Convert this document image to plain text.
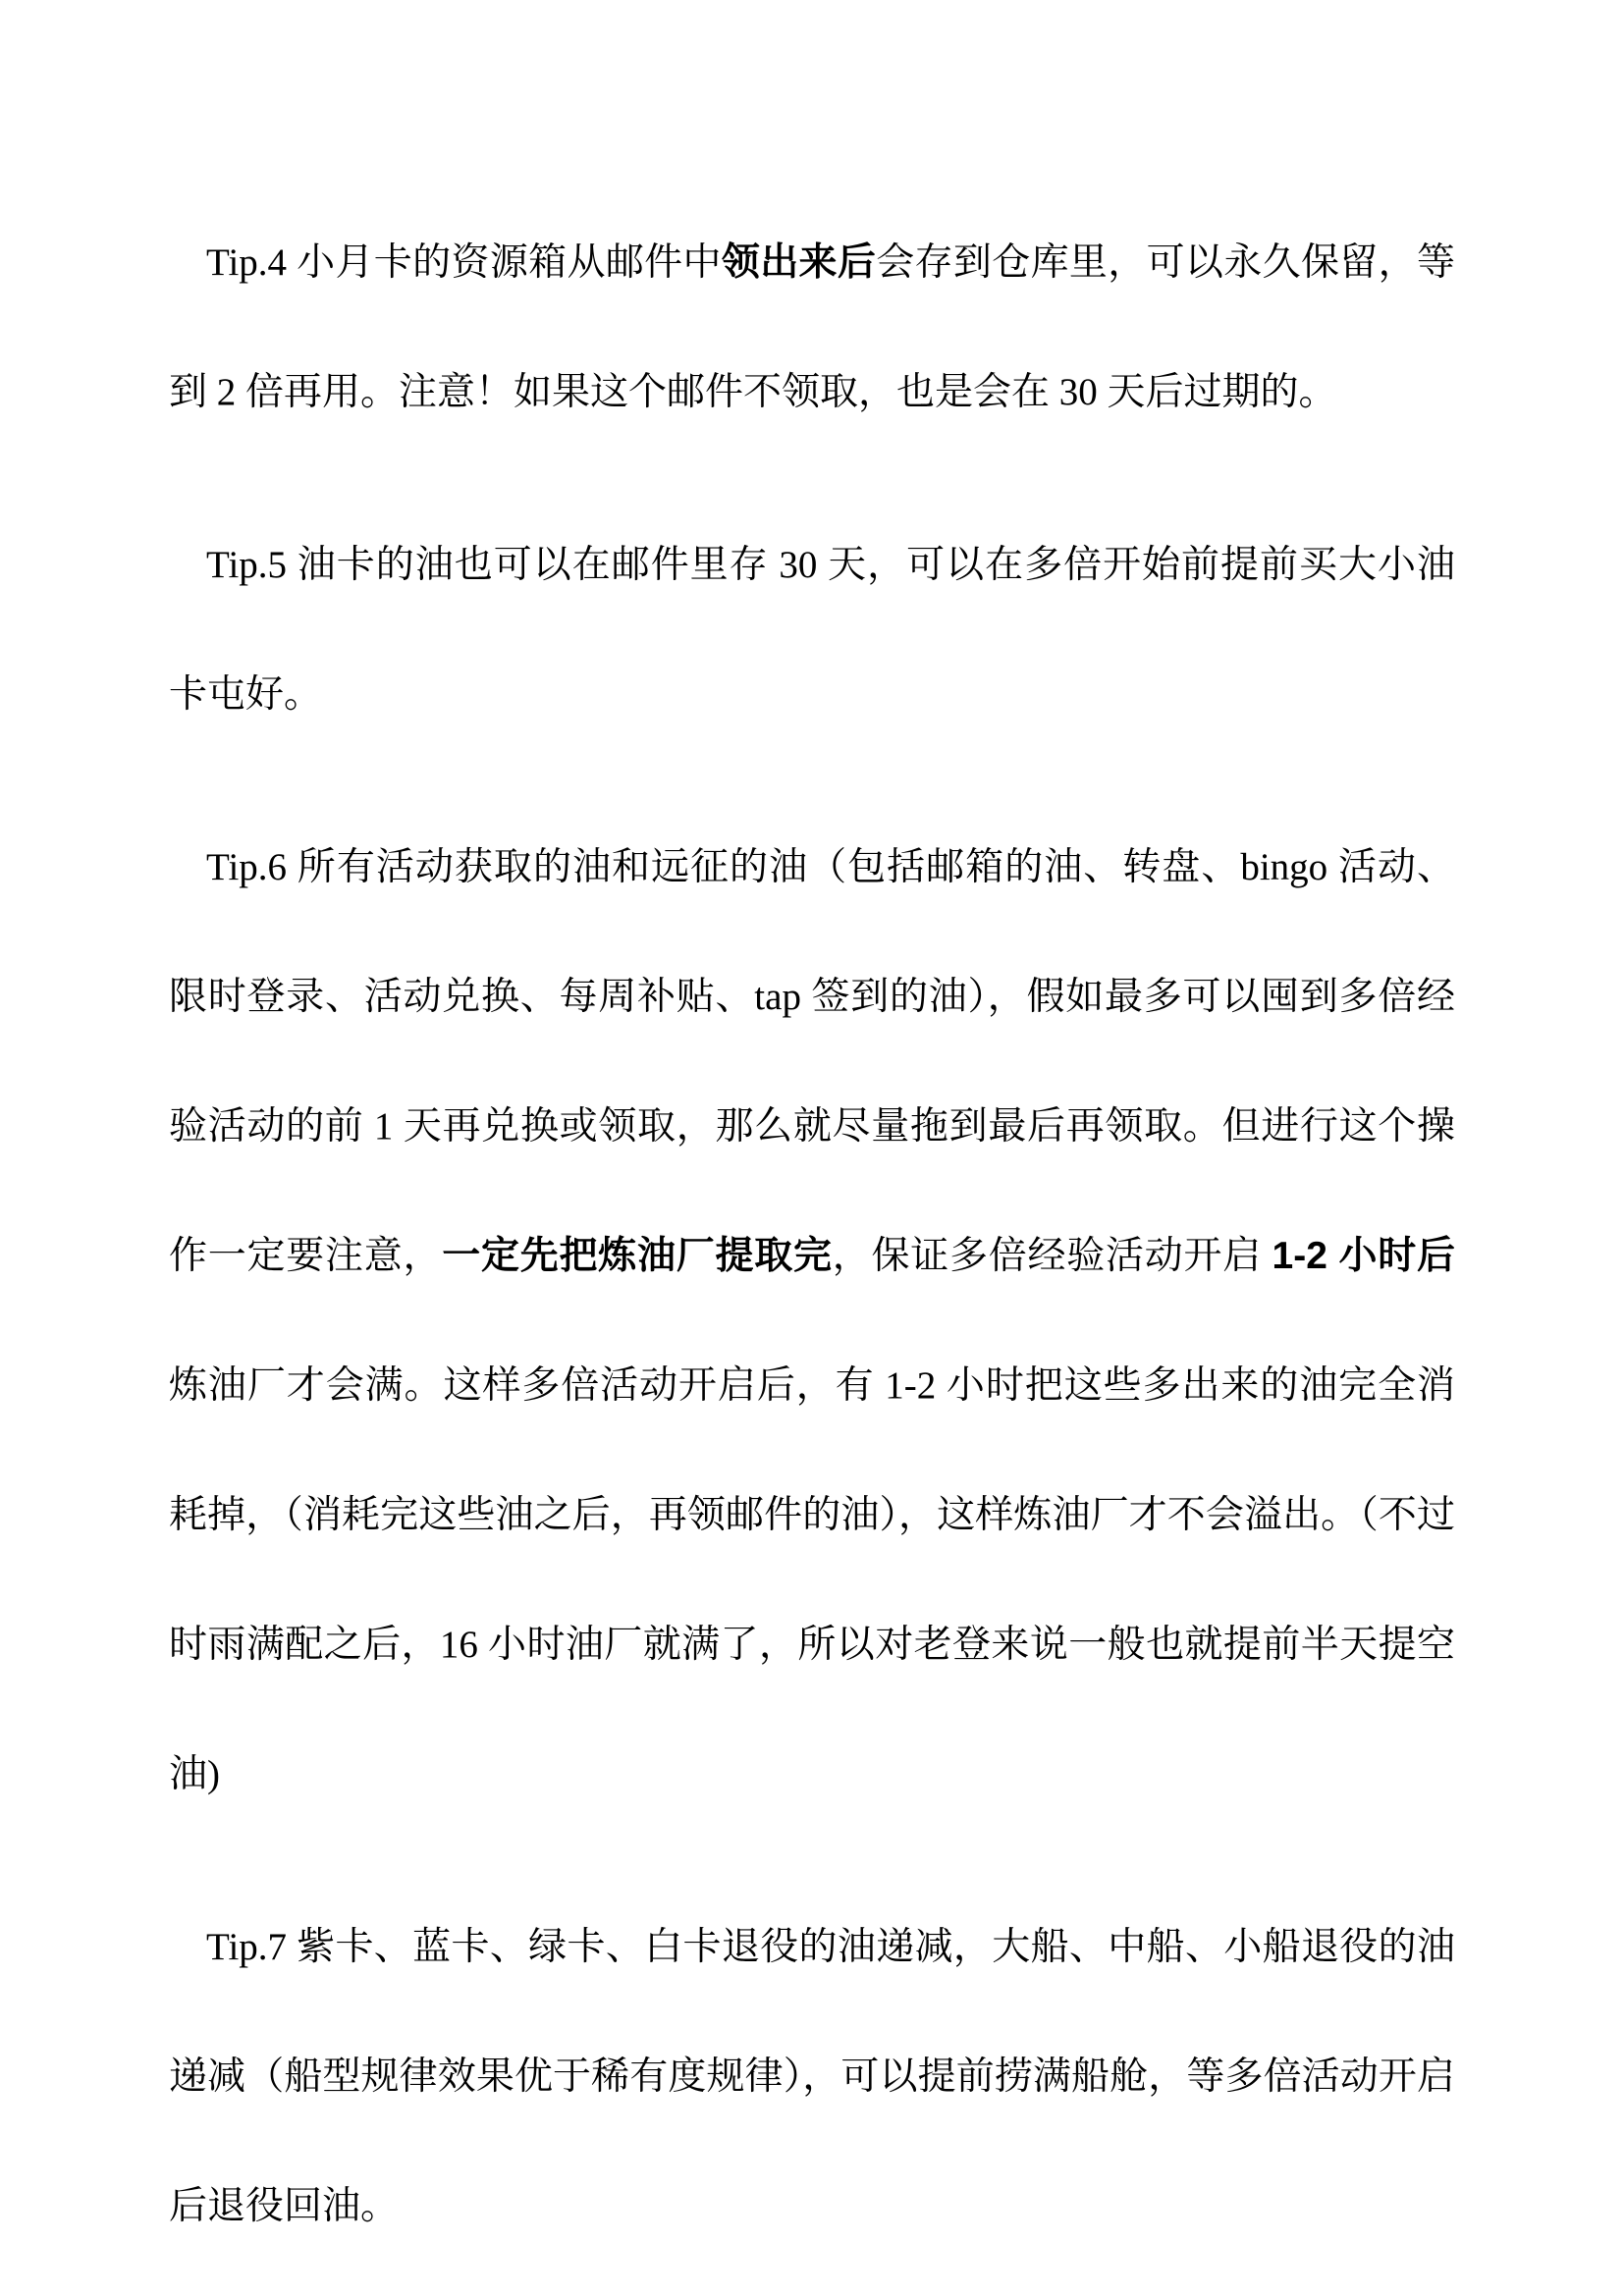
Tip.4 小月卡的资源箱从邮件中领出来后会存到仓库里，可以永久保留，等到 2 倍再用。注意！如果这个邮件不领取，也是会在 30 天后过期的。

Tip.5 油卡的油也可以在邮件里存 30 天，可以在多倍开始前提前买大小油卡屯好。

Tip.6 所有活动获取的油和远征的油（包括邮箱的油、转盘、bingo 活动、限时登录、活动兑换、每周补贴、tap 签到的油），假如最多可以囤到多倍经验活动的前 1 天再兑换或领取，那么就尽量拖到最后再领取。但进行这个操作一定要注意，一定先把炼油厂提取完，保证多倍经验活动开启 1-2 小时后炼油厂才会满。这样多倍活动开启后，有 1-2 小时把这些多出来的油完全消耗掉，（消耗完这些油之后，再领邮件的油），这样炼油厂才不会溢出。（不过时雨满配之后，16 小时油厂就满了，所以对老登来说一般也就提前半天提空油)

Tip.7 紫卡、蓝卡、绿卡、白卡退役的油递减，大船、中船、小船退役的油递减（船型规律效果优于稀有度规律），可以提前捞满船舱，等多倍活动开启后退役回油。
